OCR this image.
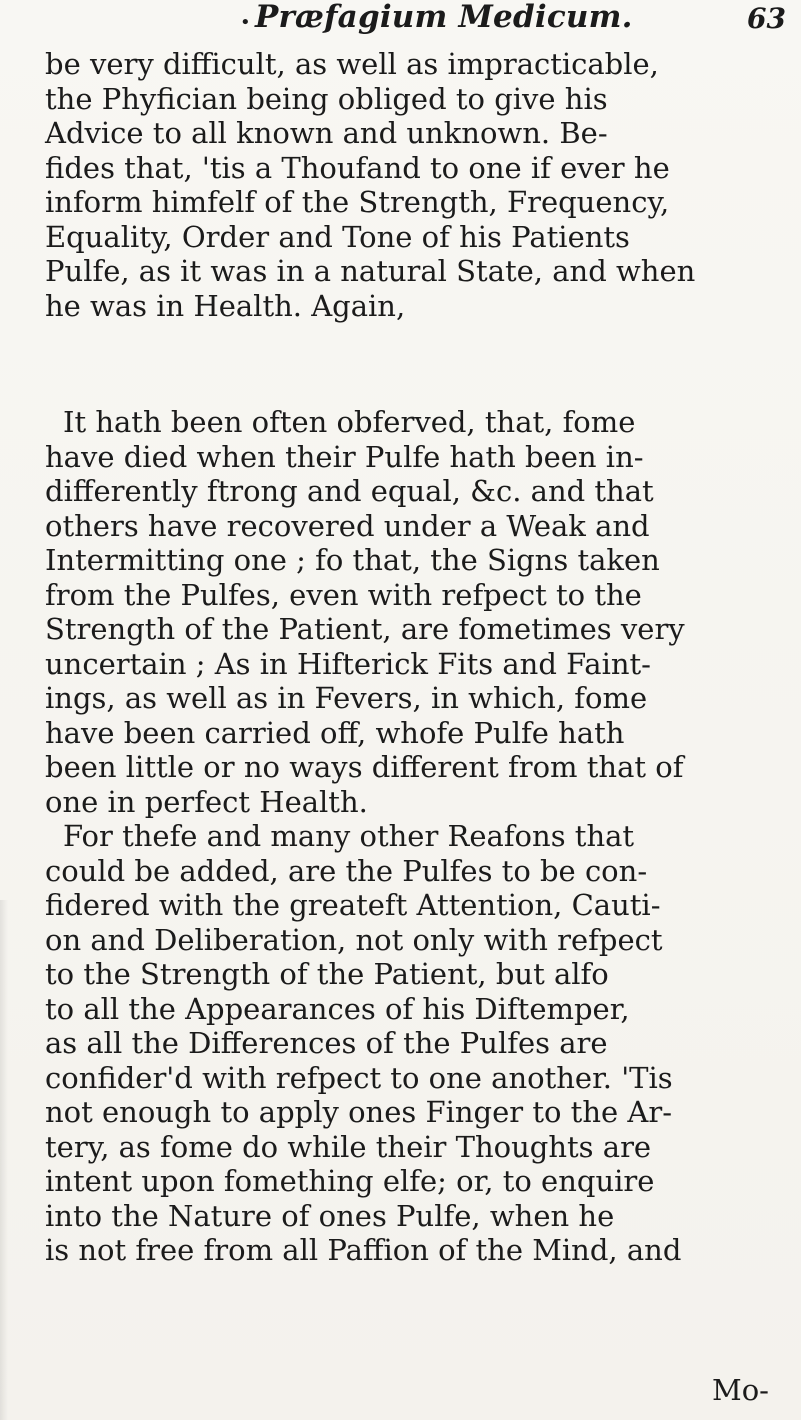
• Præfagium Medicum.	63
be very difficult, as well as impracticable,
the Phyfician being obliged to give his
Advice to all known and unknown. Be-
fides that, 'tis a Thoufand to one if ever he
inform himfelf of the Strength, Frequency,
Equality, Order and Tone of his Patients
Pulfe, as it was in a natural State, and when
he was in Health. Again,
It hath been often obferved, that, fome
have died when their Pulfe hath been in-
differently ftrong and equal, &c. and that
others have recovered under a Weak and
Intermitting one ; fo that, the Signs taken
from the Pulfes, even with refpect to the
Strength of the Patient, are fometimes very
uncertain ; As in Hifterick Fits and Faint-
ings, as well as in Fevers, in which, fome
have been carried off, whofe Pulfe hath
been little or no ways different from that of
one in perfect Health.
For thefe and many other Reafons that
could be added, are the Pulfes to be con-
fidered with the greateft Attention, Cauti-
on and Deliberation, not only with refpect
to the Strength of the Patient, but alfo
to all the Appearances of his Diftemper,
as all the Differences of the Pulfes are
confider'd with refpect to one another. 'Tis
not enough to apply ones Finger to the Ar-
tery, as fome do while their Thoughts are
intent upon fomething elfe; or, to enquire
into the Nature of ones Pulfe, when he
is not free from all Paffion of the Mind, and
Mo-
